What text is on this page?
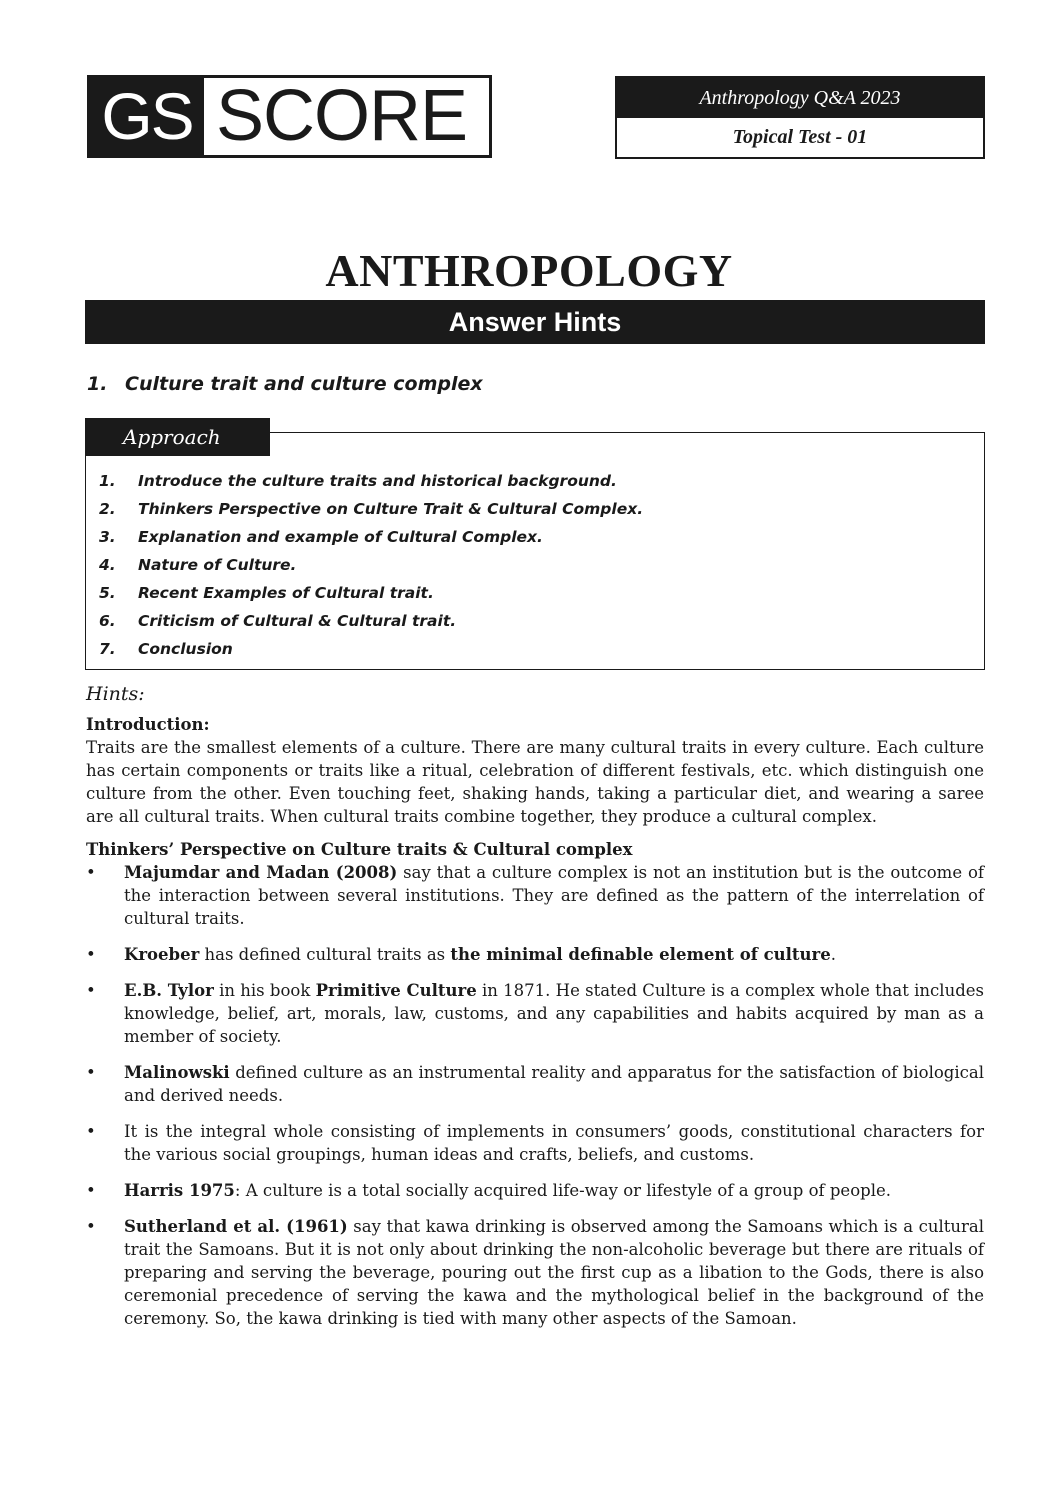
GS SCORE	Anthropology Q&A 2023
Topical Test - 01
ANTHROPOLOGY
Answer Hints
1. Culture trait and culture complex
Approach
1. Introduce the culture traits and historical background.
2. Thinkers Perspective on Culture Trait & Cultural Complex.
3. Explanation and example of Cultural Complex.
4. Nature of Culture.
5. Recent Examples of Cultural trait.
6. Criticism of Cultural & Cultural trait.
7. Conclusion
Hints:

Introduction:

Traits are the smallest elements of a culture. There are many cultural traits in every culture. Each culture has certain components or traits like a ritual, celebration of different festivals, etc. which distinguish one culture from the other. Even touching feet, shaking hands, taking a particular diet, and wearing a saree are all cultural traits. When cultural traits combine together, they produce a cultural complex.

Thinkers’ Perspective on Culture traits & Cultural complex

•	Majumdar and Madan (2008) say that a culture complex is not an institution but is the outcome of the interaction between several institutions. They are defined as the pattern of the interrelation of cultural traits.
•	Kroeber has defined cultural traits as the minimal definable element of culture.
•	E.B. Tylor in his book Primitive Culture in 1871. He stated Culture is a complex whole that includes knowledge, belief, art, morals, law, customs, and any capabilities and habits acquired by man as a member of society.
•	Malinowski defined culture as an instrumental reality and apparatus for the satisfaction of biological and derived needs.
•	It is the integral whole consisting of implements in consumers’ goods, constitutional characters for the various social groupings, human ideas and crafts, beliefs, and customs.
•	Harris 1975: A culture is a total socially acquired life-way or lifestyle of a group of people.
•	Sutherland et al. (1961) say that kawa drinking is observed among the Samoans which is a cultural trait the Samoans. But it is not only about drinking the non-alcoholic beverage but there are rituals of preparing and serving the beverage, pouring out the first cup as a libation to the Gods, there is also ceremonial precedence of serving the kawa and the mythological belief in the background of the ceremony. So, the kawa drinking is tied with many other aspects of the Samoan.
